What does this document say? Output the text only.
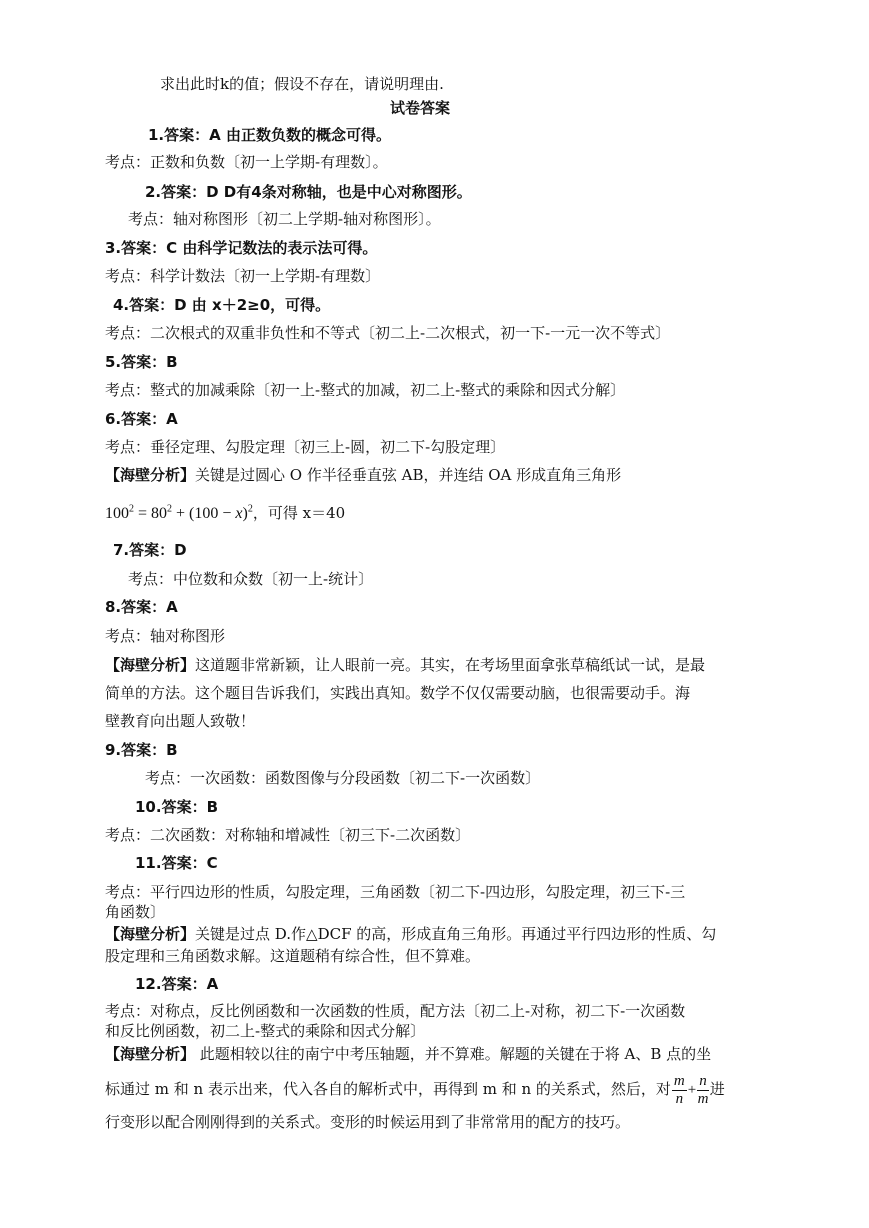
求出此时k的值；假设不存在，请说明理由.
试卷答案
1.答案：A 由正数负数的概念可得。
考点：正数和负数〔初一上学期-有理数〕。
2.答案：D D有4条对称轴，也是中心对称图形。
考点：轴对称图形〔初二上学期-轴对称图形〕。
3.答案：C 由科学记数法的表示法可得。
考点：科学计数法〔初一上学期-有理数〕
4.答案：D 由 x＋2≥0，可得。
考点：二次根式的双重非负性和不等式〔初二上-二次根式，初一下-一元一次不等式〕
5.答案：B
考点：整式的加减乘除〔初一上-整式的加减，初二上-整式的乘除和因式分解〕
6.答案：A
考点：垂径定理、勾股定理〔初三上-圆，初二下-勾股定理〕
【海壁分析】关键是过圆心 O 作半径垂直弦 AB，并连结 OA 形成直角三角形
$100^2 = 80^2 + (100 - x)^2$，可得 x＝40
7.答案：D
考点：中位数和众数〔初一上-统计〕
8.答案：A
考点：轴对称图形
【海壁分析】这道题非常新颖，让人眼前一亮。其实，在考场里面拿张草稿纸试一试，是最
简单的方法。这个题目告诉我们，实践出真知。数学不仅仅需要动脑，也很需要动手。海
壁教育向出题人致敬！
9.答案：B
考点：一次函数：函数图像与分段函数〔初二下-一次函数〕
10.答案：B
考点：二次函数：对称轴和增减性〔初三下-二次函数〕
11.答案：C
考点：平行四边形的性质，勾股定理，三角函数〔初二下-四边形，勾股定理，初三下-三
角函数〕
【海壁分析】关键是过点 D.作△DCF 的高，形成直角三角形。再通过平行四边形的性质、勾
股定理和三角函数求解。这道题稍有综合性，但不算难。
12.答案：A
考点：对称点，反比例函数和一次函数的性质，配方法〔初二上-对称，初二下-一次函数
和反比例函数，初二上-整式的乘除和因式分解〕
【海壁分析】 此题相较以往的南宁中考压轴题，并不算难。解题的关键在于将 A、B 点的坐
标通过 m 和 n 表示出来，代入各自的解析式中，再得到 m 和 n 的关系式，然后，对 $\frac{m}{n} + \frac{n}{m}$ 进
行变形以配合刚刚得到的关系式。变形的时候运用到了非常常用的配方的技巧。
